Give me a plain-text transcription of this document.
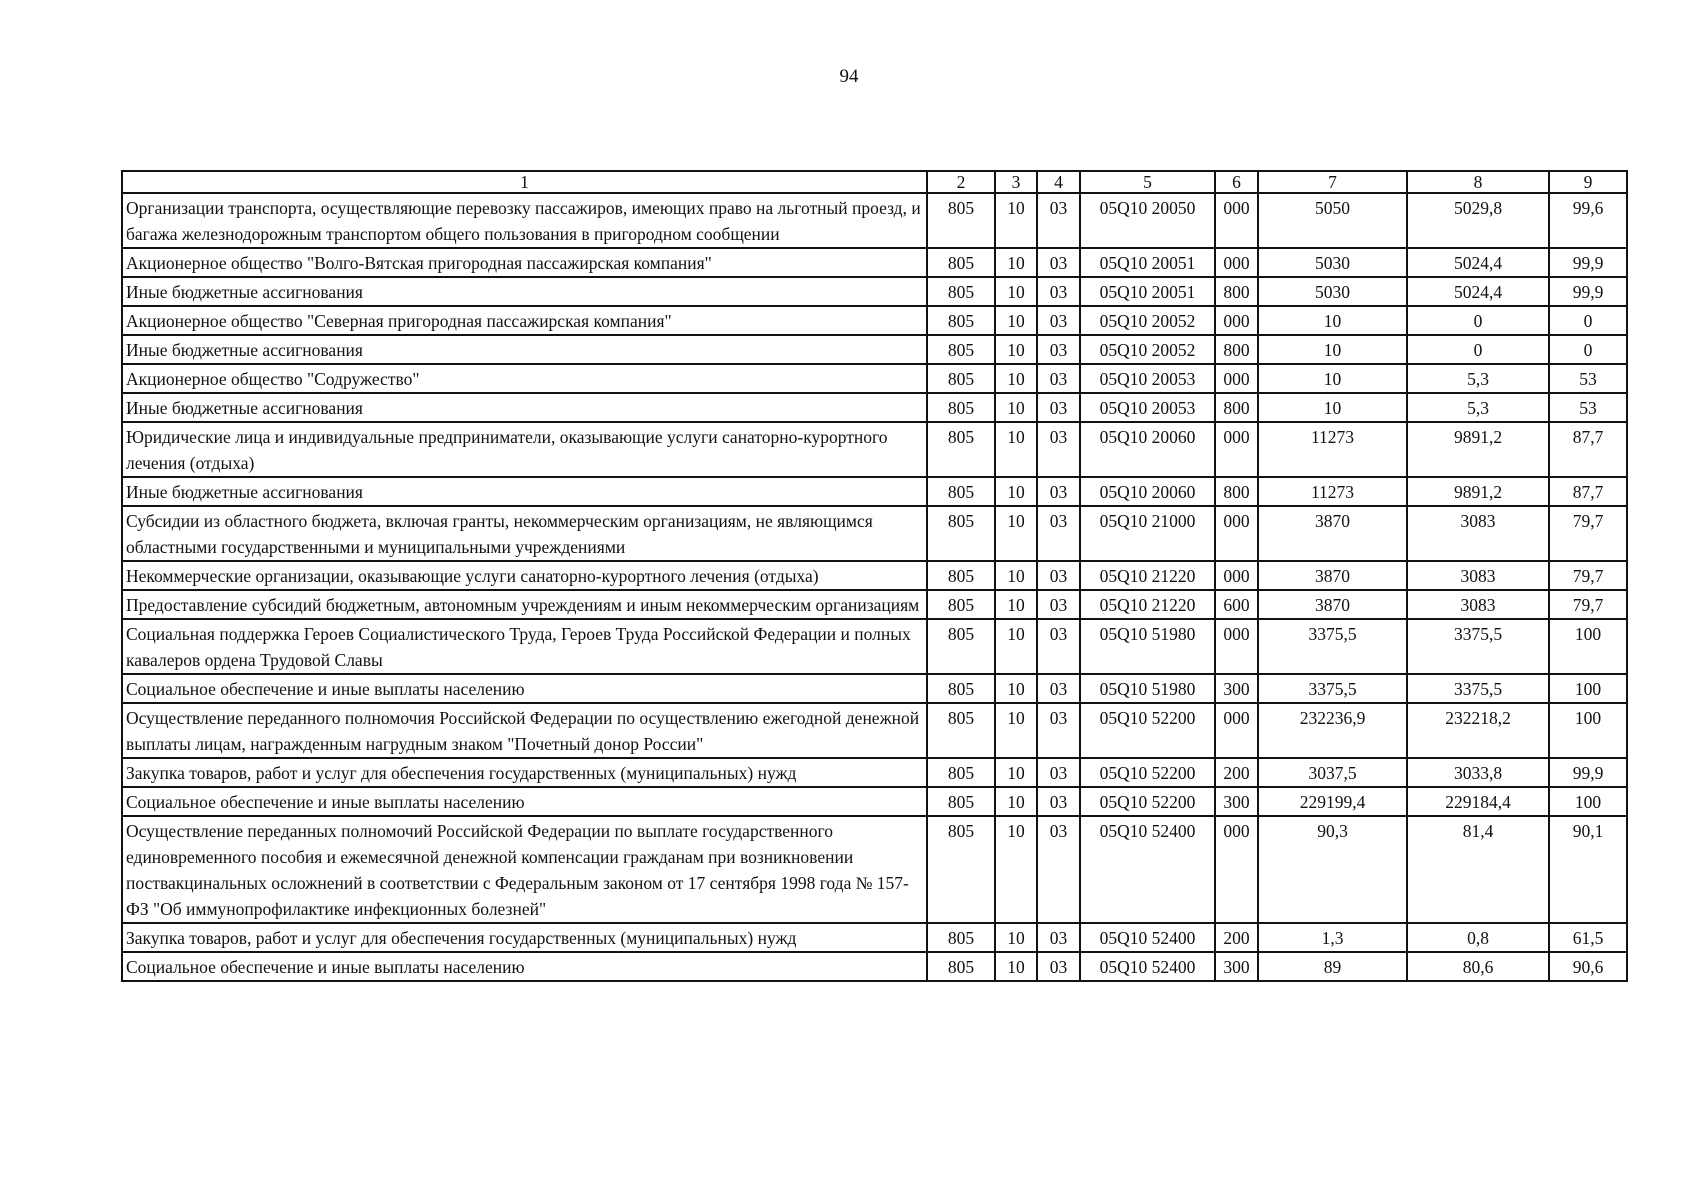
94
1	2	3	4	5	6	7	8	9
Организации транспорта, осуществляющие перевозку пассажиров, имеющих право на льготный проезд, и багажа железнодорожным транспортом общего пользования в пригородном сообщении	805	10	03	05Q10 20050	000	5050	5029,8	99,6
Акционерное общество "Волго-Вятская пригородная пассажирская компания"	805	10	03	05Q10 20051	000	5030	5024,4	99,9
Иные бюджетные ассигнования	805	10	03	05Q10 20051	800	5030	5024,4	99,9
Акционерное общество "Северная пригородная пассажирская компания"	805	10	03	05Q10 20052	000	10	0	0
Иные бюджетные ассигнования	805	10	03	05Q10 20052	800	10	0	0
Акционерное общество "Содружество"	805	10	03	05Q10 20053	000	10	5,3	53
Иные бюджетные ассигнования	805	10	03	05Q10 20053	800	10	5,3	53
Юридические лица и индивидуальные предприниматели, оказывающие услуги санаторно-курортного лечения (отдыха)	805	10	03	05Q10 20060	000	11273	9891,2	87,7
Иные бюджетные ассигнования	805	10	03	05Q10 20060	800	11273	9891,2	87,7
Субсидии из областного бюджета, включая гранты, некоммерческим организациям, не являющимся областными государственными и муниципальными учреждениями	805	10	03	05Q10 21000	000	3870	3083	79,7
Некоммерческие организации, оказывающие услуги санаторно-курортного лечения (отдыха)	805	10	03	05Q10 21220	000	3870	3083	79,7
Предоставление субсидий бюджетным, автономным учреждениям и иным некоммерческим организациям	805	10	03	05Q10 21220	600	3870	3083	79,7
Социальная поддержка Героев Социалистического Труда, Героев Труда Российской Федерации и полных кавалеров ордена Трудовой Славы	805	10	03	05Q10 51980	000	3375,5	3375,5	100
Социальное обеспечение и иные выплаты населению	805	10	03	05Q10 51980	300	3375,5	3375,5	100
Осуществление переданного полномочия Российской Федерации по осуществлению ежегодной денежной выплаты лицам, награжденным нагрудным знаком "Почетный донор России"	805	10	03	05Q10 52200	000	232236,9	232218,2	100
Закупка товаров, работ и услуг для обеспечения государственных (муниципальных) нужд	805	10	03	05Q10 52200	200	3037,5	3033,8	99,9
Социальное обеспечение и иные выплаты населению	805	10	03	05Q10 52200	300	229199,4	229184,4	100
Осуществление переданных полномочий Российской Федерации по выплате государственного единовременного пособия и ежемесячной денежной компенсации гражданам при возникновении поствакцинальных осложнений в соответствии с Федеральным законом от 17 сентября 1998 года № 157-ФЗ "Об иммунопрофилактике инфекционных болезней"	805	10	03	05Q10 52400	000	90,3	81,4	90,1
Закупка товаров, работ и услуг для обеспечения государственных (муниципальных) нужд	805	10	03	05Q10 52400	200	1,3	0,8	61,5
Социальное обеспечение и иные выплаты населению	805	10	03	05Q10 52400	300	89	80,6	90,6
